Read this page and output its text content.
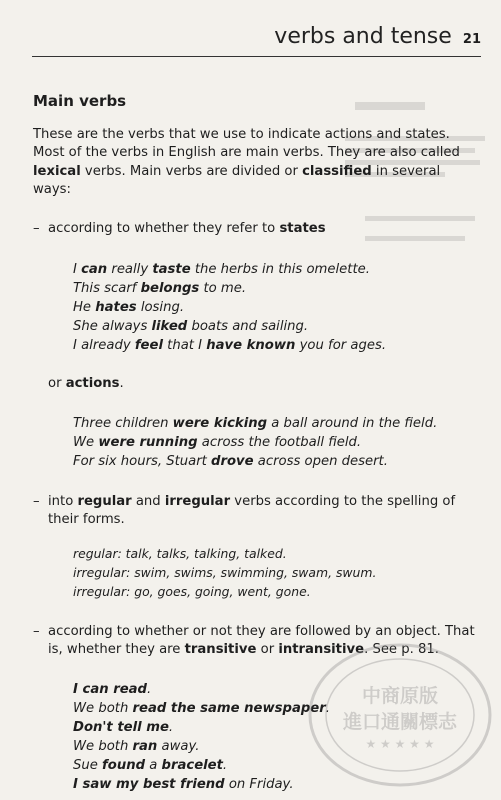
verbs and tense 21
Main verbs

These are the verbs that we use to indicate actions and states. Most of the verbs in English are main verbs. They are also called lexical verbs. Main verbs are divided or classified in several ways:

– according to whether they refer to states
I can really taste the herbs in this omelette.
This scarf belongs to me.
He hates losing.
She always liked boats and sailing.
I already feel that I have known you for ages.

or actions.

Three children were kicking a ball around in the field.
We were running across the football field.
For six hours, Stuart drove across open desert.
– into regular and irregular verbs according to the spelling of their forms.
regular: talk, talks, talking, talked.
irregular: swim, swims, swimming, swam, swum.
irregular: go, goes, going, went, gone.
– according to whether or not they are followed by an object. That is, whether they are transitive or intransitive. See p. 81.
I can read.
We both read the same newspaper.
Don't tell me.
We both ran away.
Sue found a bracelet.
I saw my best friend on Friday.
中商原版
進口通關標志
★ ★ ★ ★ ★
